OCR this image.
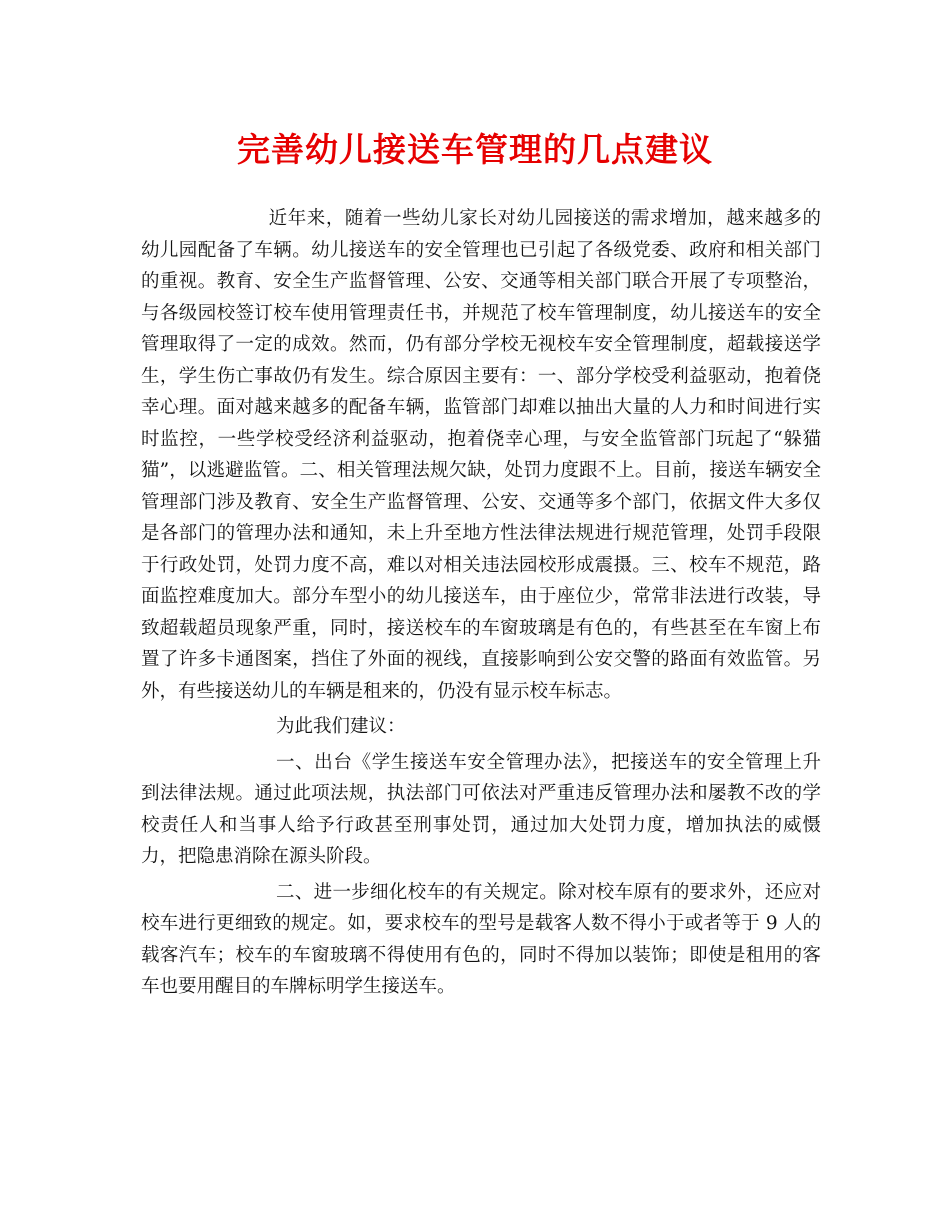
完善幼儿接送车管理的几点建议

近年来，随着一些幼儿家长对幼儿园接送的需求增加，越来越多的幼儿园配备了车辆。幼儿接送车的安全管理也已引起了各级党委、政府和相关部门的重视。教育、安全生产监督管理、公安、交通等相关部门联合开展了专项整治，与各级园校签订校车使用管理责任书，并规范了校车管理制度，幼儿接送车的安全管理取得了一定的成效。然而，仍有部分学校无视校车安全管理制度，超载接送学生，学生伤亡事故仍有发生。综合原因主要有：一、部分学校受利益驱动，抱着侥幸心理。面对越来越多的配备车辆，监管部门却难以抽出大量的人力和时间进行实时监控，一些学校受经济利益驱动，抱着侥幸心理，与安全监管部门玩起了“躲猫猫”，以逃避监管。二、相关管理法规欠缺，处罚力度跟不上。目前，接送车辆安全管理部门涉及教育、安全生产监督管理、公安、交通等多个部门，依据文件大多仅是各部门的管理办法和通知，未上升至地方性法律法规进行规范管理，处罚手段限于行政处罚，处罚力度不高，难以对相关违法园校形成震摄。三、校车不规范，路面监控难度加大。部分车型小的幼儿接送车，由于座位少，常常非法进行改装，导致超载超员现象严重，同时，接送校车的车窗玻璃是有色的，有些甚至在车窗上布置了许多卡通图案，挡住了外面的视线，直接影响到公安交警的路面有效监管。另外，有些接送幼儿的车辆是租来的，仍没有显示校车标志。

为此我们建议：

一、出台《学生接送车安全管理办法》，把接送车的安全管理上升到法律法规。通过此项法规，执法部门可依法对严重违反管理办法和屡教不改的学校责任人和当事人给予行政甚至刑事处罚，通过加大处罚力度，增加执法的威慑力，把隐患消除在源头阶段。

二、进一步细化校车的有关规定。除对校车原有的要求外，还应对校车进行更细致的规定。如，要求校车的型号是载客人数不得小于或者等于 9 人的载客汽车；校车的车窗玻璃不得使用有色的，同时不得加以装饰；即使是租用的客车也要用醒目的车牌标明学生接送车。
